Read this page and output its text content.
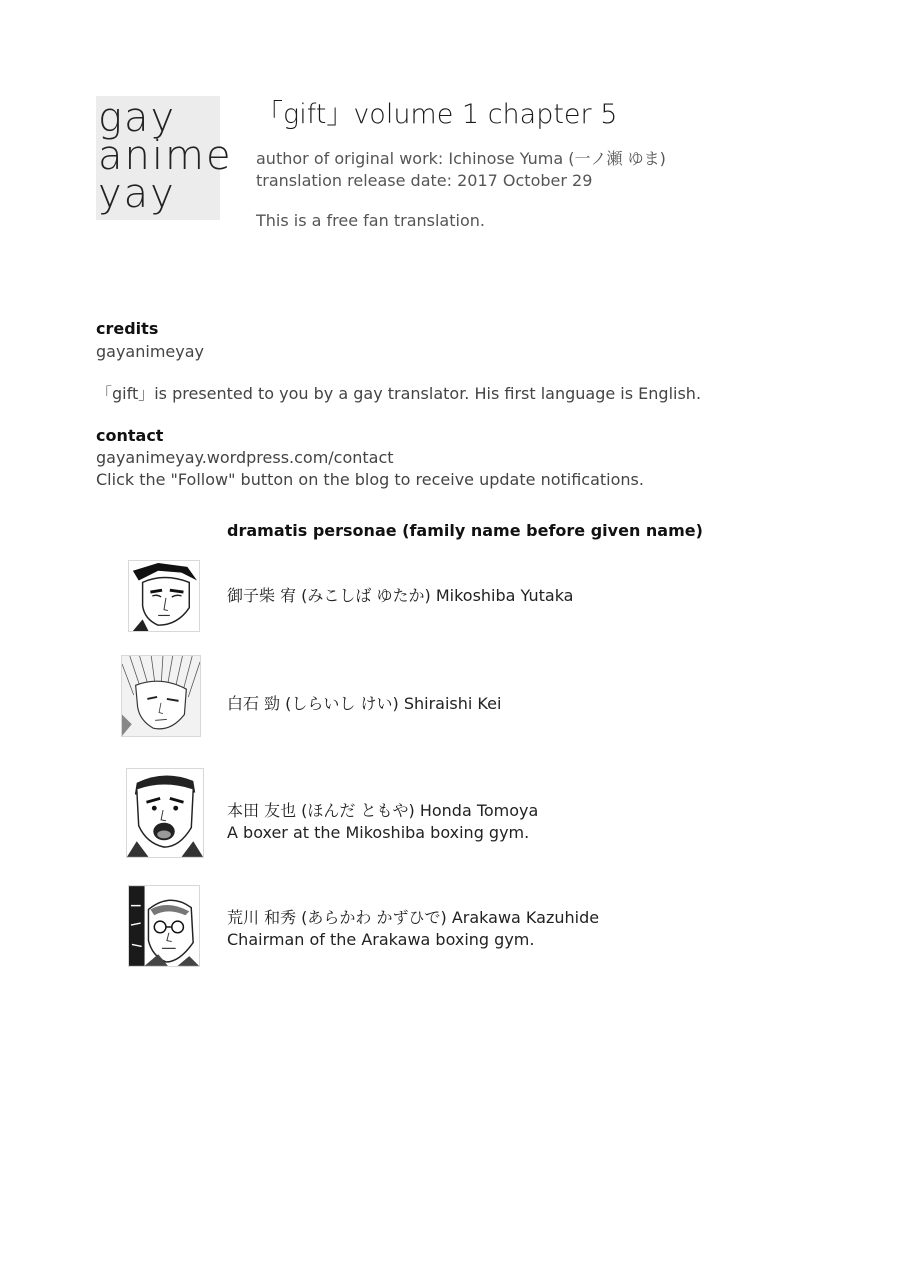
gay
anime
yay
「gift」volume 1 chapter 5
author of original work: Ichinose Yuma (一ノ瀬 ゆま)
translation release date: 2017 October 29
This is a free fan translation.
credits
gayanimeyay
「gift」is presented to you by a gay translator. His first language is English.
contact
gayanimeyay.wordpress.com/contact
Click the "Follow" button on the blog to receive update notifications.
dramatis personae (family name before given name)
御子柴 宥 (みこしば ゆたか) Mikoshiba Yutaka
白石 勁 (しらいし けい) Shiraishi Kei
本田 友也 (ほんだ ともや) Honda Tomoya
A boxer at the Mikoshiba boxing gym.
荒川 和秀 (あらかわ かずひで) Arakawa Kazuhide
Chairman of the Arakawa boxing gym.
